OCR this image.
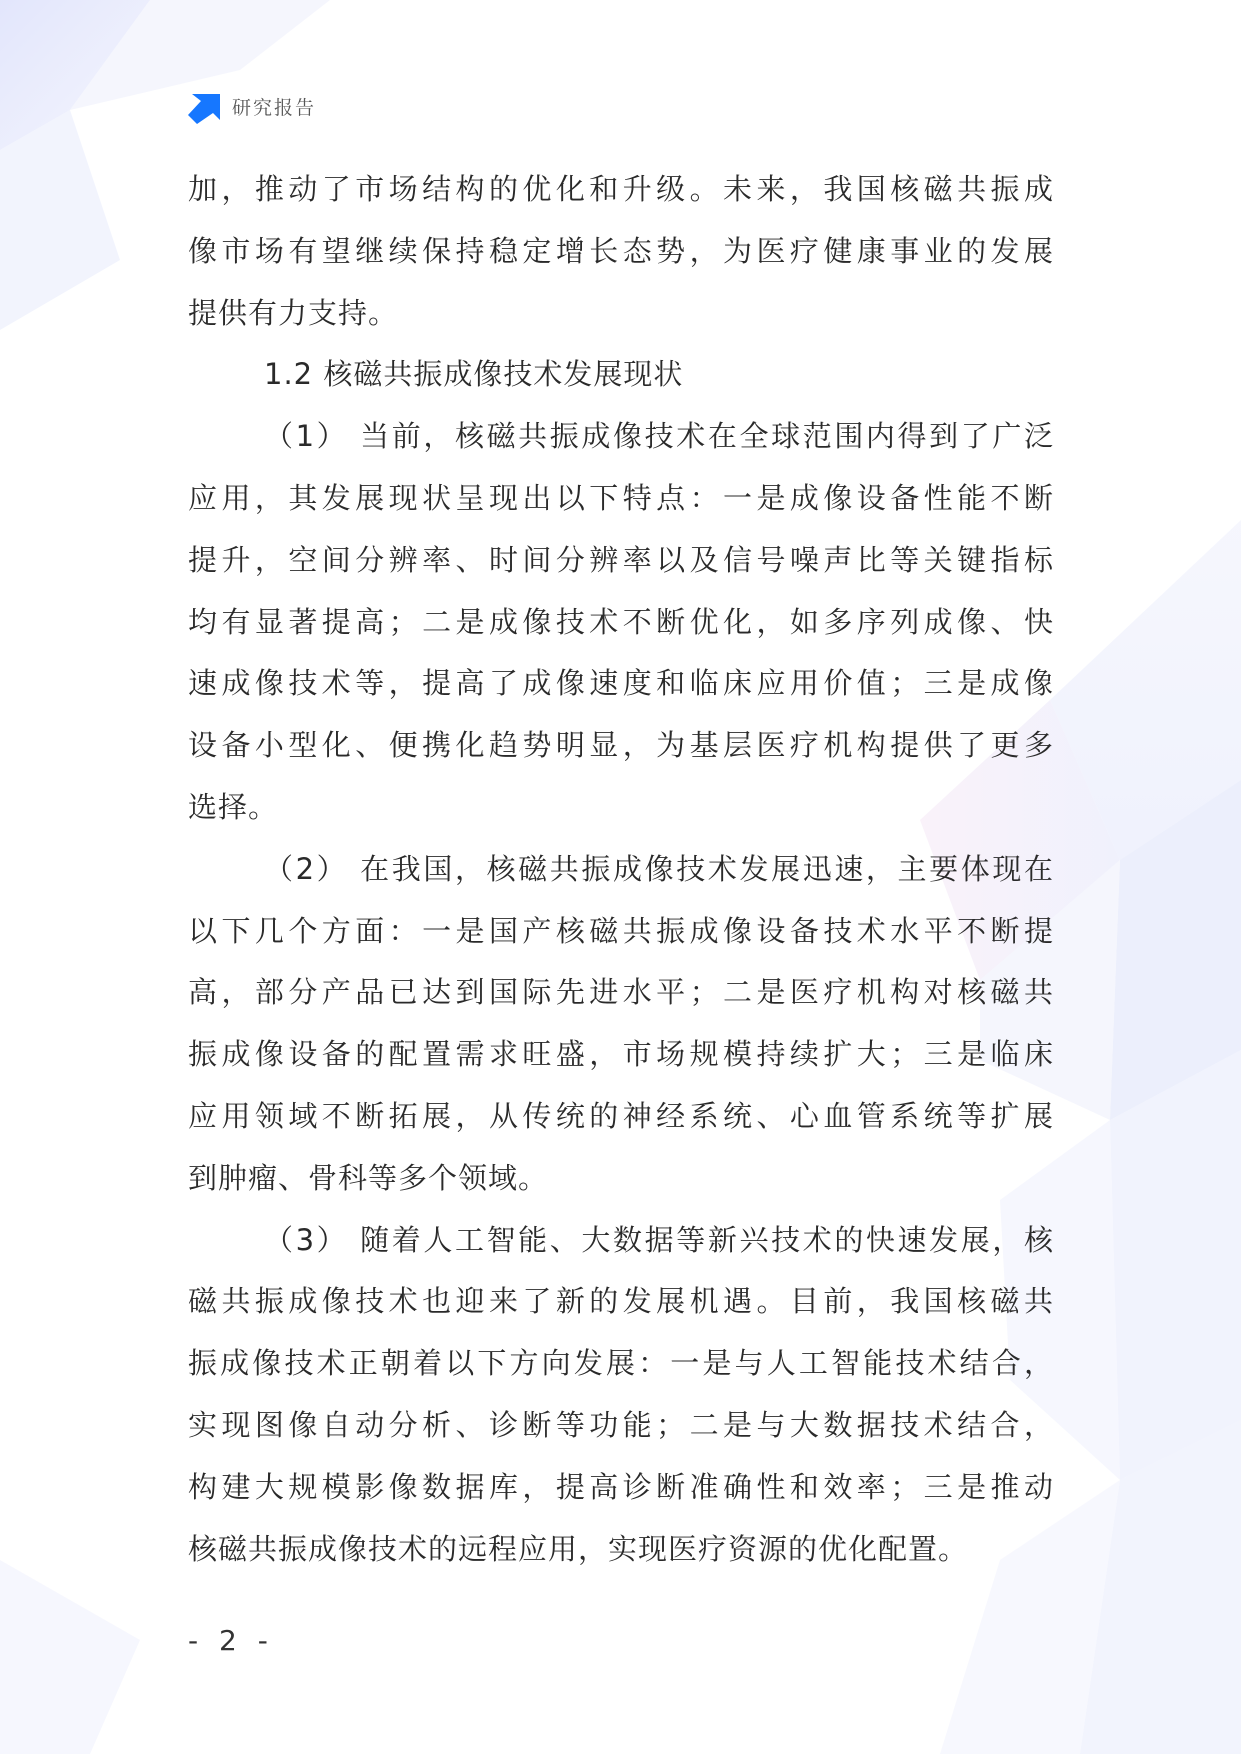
研究报告
加，推动了市场结构的优化和升级。未来，我国核磁共振成
像市场有望继续保持稳定增长态势，为医疗健康事业的发展
提供有力支持。
1.2 核磁共振成像技术发展现状
（1） 当前，核磁共振成像技术在全球范围内得到了广泛
应用，其发展现状呈现出以下特点：一是成像设备性能不断
提升，空间分辨率、时间分辨率以及信号噪声比等关键指标
均有显著提高；二是成像技术不断优化，如多序列成像、快
速成像技术等，提高了成像速度和临床应用价值；三是成像
设备小型化、便携化趋势明显，为基层医疗机构提供了更多
选择。
（2） 在我国，核磁共振成像技术发展迅速，主要体现在
以下几个方面：一是国产核磁共振成像设备技术水平不断提
高，部分产品已达到国际先进水平；二是医疗机构对核磁共
振成像设备的配置需求旺盛，市场规模持续扩大；三是临床
应用领域不断拓展，从传统的神经系统、心血管系统等扩展
到肿瘤、骨科等多个领域。
（3） 随着人工智能、大数据等新兴技术的快速发展，核
磁共振成像技术也迎来了新的发展机遇。目前，我国核磁共
振成像技术正朝着以下方向发展：一是与人工智能技术结合，
实现图像自动分析、诊断等功能；二是与大数据技术结合，
构建大规模影像数据库，提高诊断准确性和效率；三是推动
核磁共振成像技术的远程应用，实现医疗资源的优化配置。
- 2 -
